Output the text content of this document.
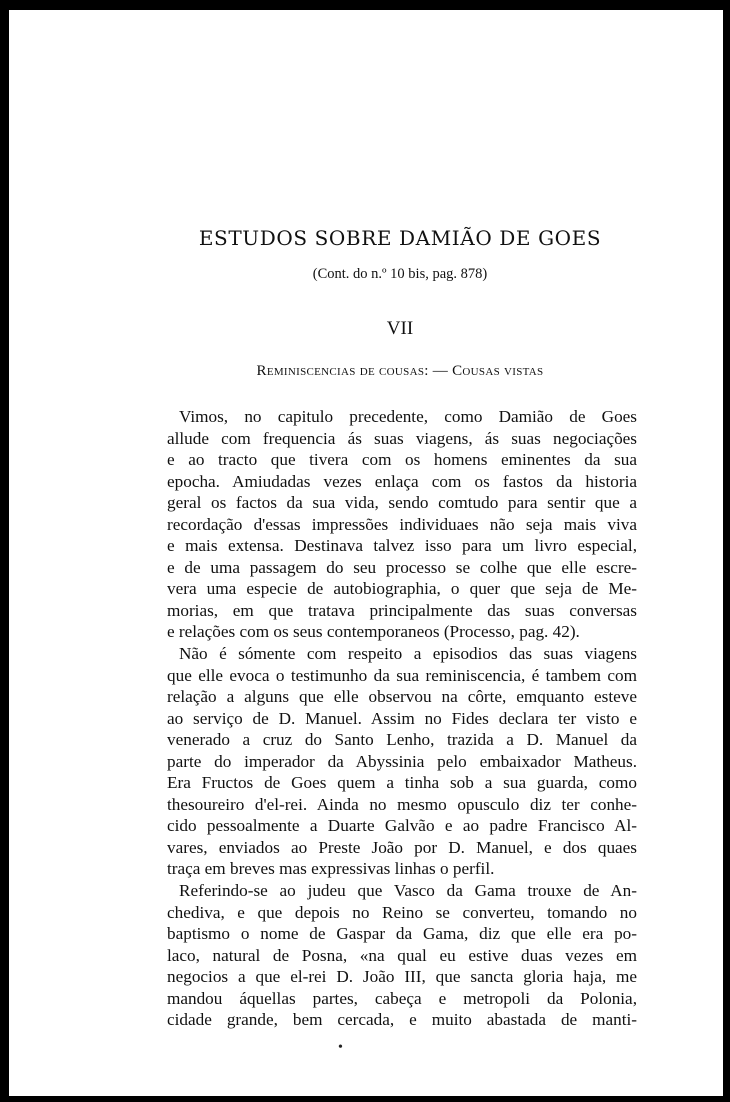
ESTUDOS SOBRE DAMIÃO DE GOES
(Cont. do n.º 10 bis, pag. 878)
VII
Reminiscencias de cousas: — Cousas vistas
Vimos, no capitulo precedente, como Damião de Goes
allude com frequencia ás suas viagens, ás suas negociações
e ao tracto que tivera com os homens eminentes da sua
epocha. Amiudadas vezes enlaça com os fastos da historia
geral os factos da sua vida, sendo comtudo para sentir que a
recordação d'essas impressões individuaes não seja mais viva
e mais extensa. Destinava talvez isso para um livro especial,
e de uma passagem do seu processo se colhe que elle escre-
vera uma especie de autobiographia, o quer que seja de Me-
morias, em que tratava principalmente das suas conversas
e relações com os seus contemporaneos (Processo, pag. 42).
Não é sómente com respeito a episodios das suas viagens
que elle evoca o testimunho da sua reminiscencia, é tambem com
relação a alguns que elle observou na côrte, emquanto esteve
ao serviço de D. Manuel. Assim no Fides declara ter visto e
venerado a cruz do Santo Lenho, trazida a D. Manuel da
parte do imperador da Abyssinia pelo embaixador Matheus.
Era Fructos de Goes quem a tinha sob a sua guarda, como
thesoureiro d'el-rei. Ainda no mesmo opusculo diz ter conhe-
cido pessoalmente a Duarte Galvão e ao padre Francisco Al-
vares, enviados ao Preste João por D. Manuel, e dos quaes
traça em breves mas expressivas linhas o perfil.
Referindo-se ao judeu que Vasco da Gama trouxe de An-
chediva, e que depois no Reino se converteu, tomando no
baptismo o nome de Gaspar da Gama, diz que elle era po-
laco, natural de Posna, «na qual eu estive duas vezes em
negocios a que el-rei D. João III, que sancta gloria haja, me
mandou áquellas partes, cabeça e metropoli da Polonia,
cidade grande, bem cercada, e muito abastada de manti-
•
